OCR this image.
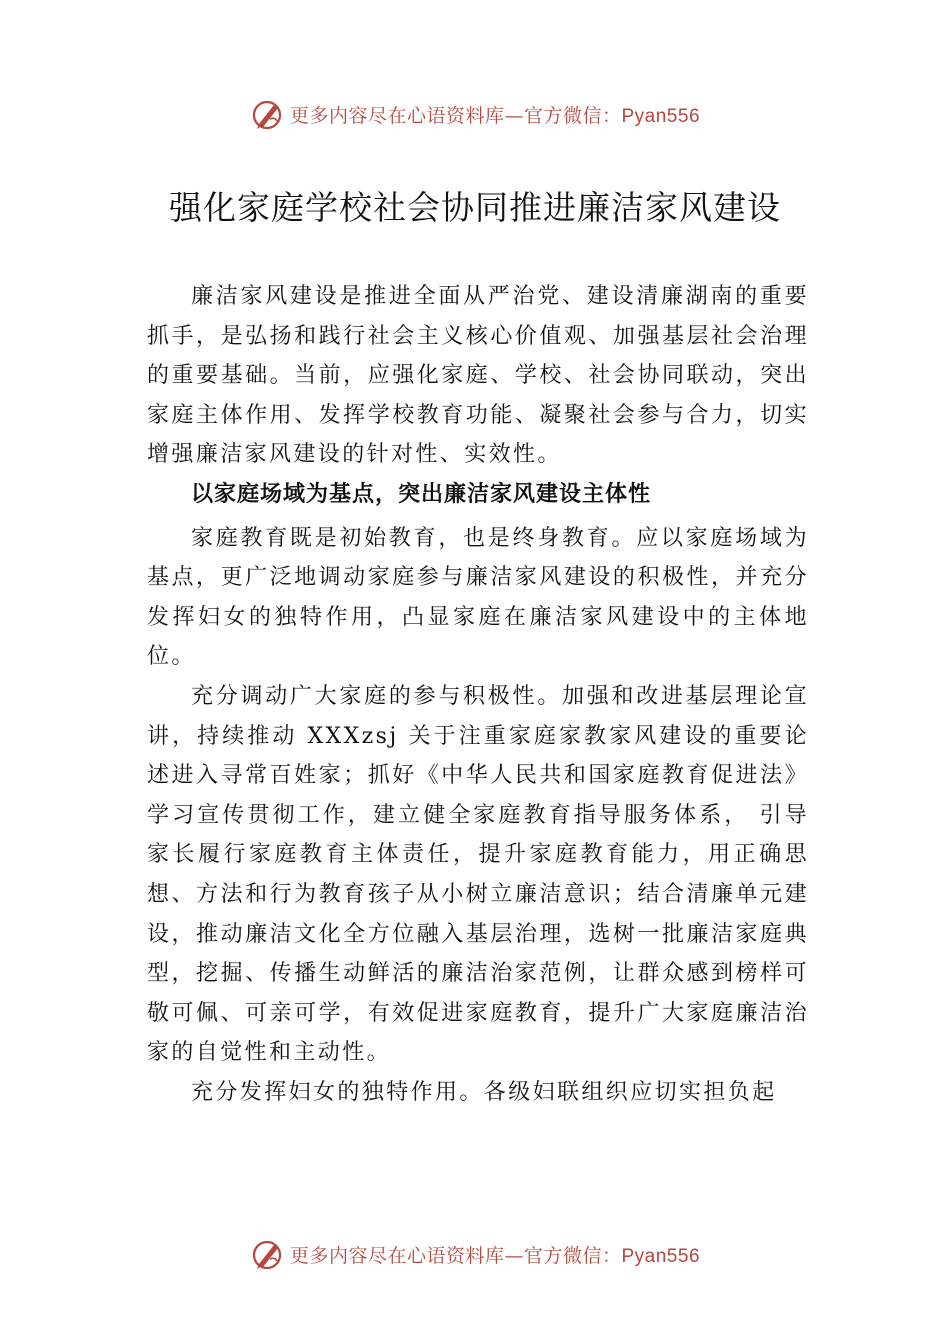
更多内容尽在心语资料库—官方微信：Pyan556
强化家庭学校社会协同推进廉洁家风建设

廉洁家风建设是推进全面从严治党、建设清廉湖南的重要抓手，是弘扬和践行社会主义核心价值观、加强基层社会治理的重要基础。当前，应强化家庭、学校、社会协同联动，突出家庭主体作用、发挥学校教育功能、凝聚社会参与合力，切实增强廉洁家风建设的针对性、实效性。

以家庭场域为基点，突出廉洁家风建设主体性

家庭教育既是初始教育，也是终身教育。应以家庭场域为基点，更广泛地调动家庭参与廉洁家风建设的积极性，并充分发挥妇女的独特作用，凸显家庭在廉洁家风建设中的主体地位。

充分调动广大家庭的参与积极性。加强和改进基层理论宣讲，持续推动 XXXzsj 关于注重家庭家教家风建设的重要论述进入寻常百姓家；抓好《中华人民共和国家庭教育促进法》学习宣传贯彻工作，建立健全家庭教育指导服务体系， 引导家长履行家庭教育主体责任，提升家庭教育能力，用正确思想、方法和行为教育孩子从小树立廉洁意识；结合清廉单元建设，推动廉洁文化全方位融入基层治理，选树一批廉洁家庭典型，挖掘、传播生动鲜活的廉洁治家范例，让群众感到榜样可敬可佩、可亲可学，有效促进家庭教育，提升广大家庭廉洁治家的自觉性和主动性。

充分发挥妇女的独特作用。各级妇联组织应切实担负起

更多内容尽在心语资料库—官方微信：Pyan556
